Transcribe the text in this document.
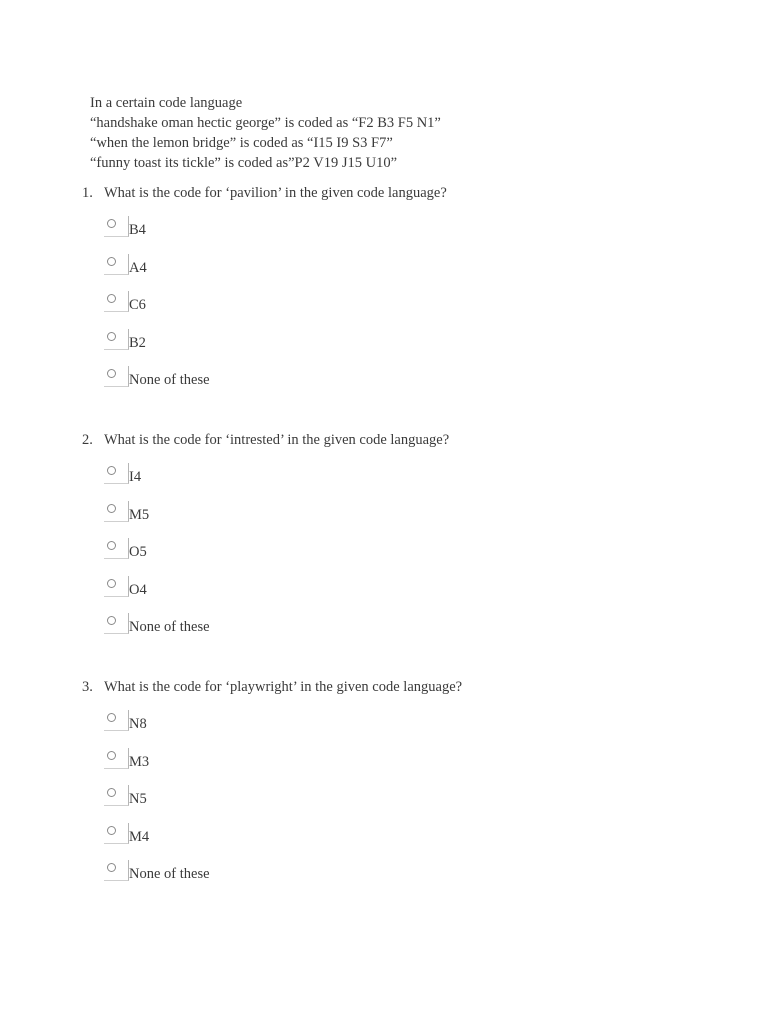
In a certain code language
“handshake oman hectic george” is coded as “F2 B3 F5 N1”
“when the lemon bridge” is coded as “I15 I9 S3 F7”
“funny toast its tickle” is coded as”P2 V19 J15 U10”
1. What is the code for ‘pavilion’ in the given code language?
B4
A4
C6
B2
None of these
2. What is the code for ‘intrested’ in the given code language?
I4
M5
O5
O4
None of these
3. What is the code for ‘playwright’ in the given code language?
N8
M3
N5
M4
None of these
